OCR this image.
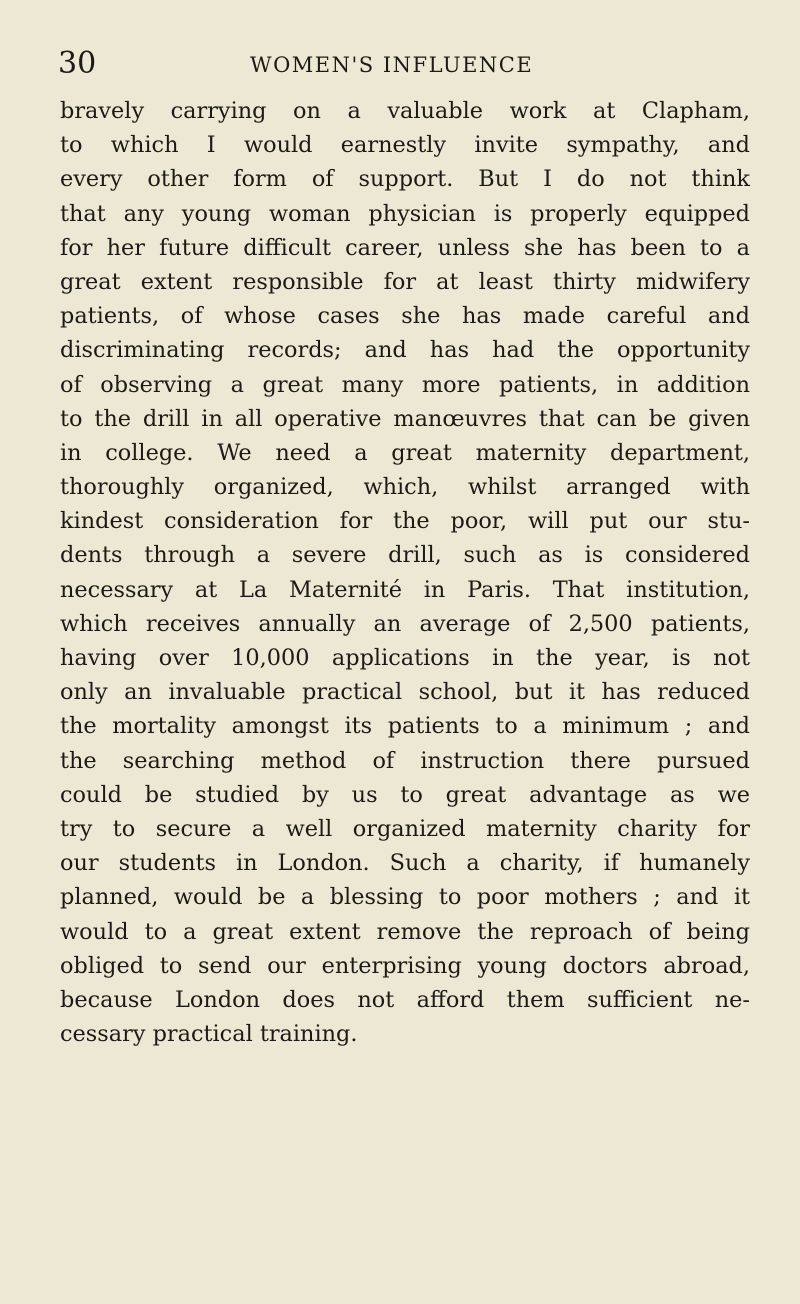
30	WOMEN'S INFLUENCE
bravely carrying on a valuable work at Clapham,
to which I would earnestly invite sympathy, and
every other form of support. But I do not think
that any young woman physician is properly equipped
for her future difficult career, unless she has been to a
great extent responsible for at least thirty midwifery
patients, of whose cases she has made careful and
discriminating records; and has had the opportunity
of observing a great many more patients, in addition
to the drill in all operative manœuvres that can be given
in college. We need a great maternity department,
thoroughly organized, which, whilst arranged with
kindest consideration for the poor, will put our stu-
dents through a severe drill, such as is considered
necessary at La Maternité in Paris. That institution,
which receives annually an average of 2,500 patients,
having over 10,000 applications in the year, is not
only an invaluable practical school, but it has reduced
the mortality amongst its patients to a minimum ; and
the searching method of instruction there pursued
could be studied by us to great advantage as we
try to secure a well organized maternity charity for
our students in London. Such a charity, if humanely
planned, would be a blessing to poor mothers ; and it
would to a great extent remove the reproach of being
obliged to send our enterprising young doctors abroad,
because London does not afford them sufficient ne-
cessary practical training.
